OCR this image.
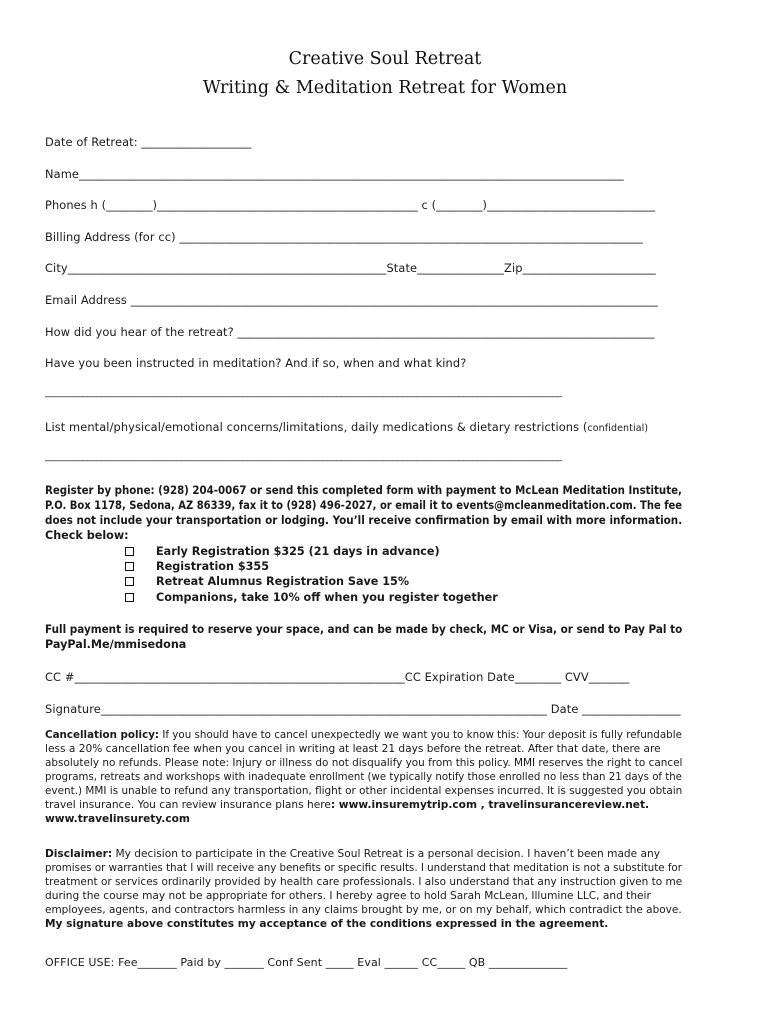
Creative Soul Retreat
Writing & Meditation Retreat for Women
Date of Retreat: ___________________
Name______________________________________________________________________________________________
Phones h (________)_____________________________________________ c (________)_____________________________
Billing Address (for cc) ________________________________________________________________________________
City_______________________________________________________State_______________Zip_______________________
Email Address ___________________________________________________________________________________________
How did you hear of the retreat? ________________________________________________________________________
Have you been instructed in meditation? And if so, when and what kind?
______________________________________________________________________________________________________________
List mental/physical/emotional concerns/limitations, daily medications & dietary restrictions (confidential)
______________________________________________________________________________________________________________
Register by phone: (928) 204-0067 or send this completed form with payment to McLean Meditation Institute,
P.O. Box 1178, Sedona, AZ 86339, fax it to (928) 496-2027, or email it to events@mcleanmeditation.com. The fee
does not include your transportation or lodging. You’ll receive confirmation by email with more information.
Check below:
Early Registration $325 (21 days in advance)
Registration $355
Retreat Alumnus Registration Save 15%
Companions, take 10% off when you register together
Full payment is required to reserve your space, and can be made by check, MC or Visa, or send to Pay Pal to
PayPal.Me/mmisedona
CC #_________________________________________________________CC Expiration Date________ CVV_______
Signature_____________________________________________________________________________ Date _________________
Cancellation policy: If you should have to cancel unexpectedly we want you to know this: Your deposit is fully refundable
less a 20% cancellation fee when you cancel in writing at least 21 days before the retreat. After that date, there are
absolutely no refunds. Please note: Injury or illness do not disqualify you from this policy. MMI reserves the right to cancel
programs, retreats and workshops with inadequate enrollment (we typically notify those enrolled no less than 21 days of the
event.) MMI is unable to refund any transportation, flight or other incidental expenses incurred. It is suggested you obtain
travel insurance. You can review insurance plans here: www.insuremytrip.com , travelinsurancereview.net.
www.travelinsurety.com
Disclaimer: My decision to participate in the Creative Soul Retreat is a personal decision. I haven’t been made any
promises or warranties that I will receive any benefits or specific results. I understand that meditation is not a substitute for
treatment or services ordinarily provided by health care professionals. I also understand that any instruction given to me
during the course may not be appropriate for others. I hereby agree to hold Sarah McLean, Illumine LLC, and their
employees, agents, and contractors harmless in any claims brought by me, or on my behalf, which contradict the above.
My signature above constitutes my acceptance of the conditions expressed in the agreement.
OFFICE USE: Fee_______ Paid by _______ Conf Sent _____ Eval ______ CC_____ QB ______________
